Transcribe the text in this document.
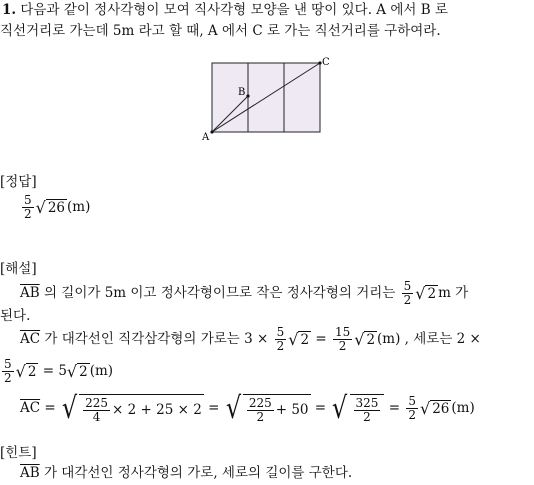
1. 다음과 같이 정사각형이 모여 직사각형 모양을 낸 땅이 있다. A 에서 B 로
직선거리로 가는데 5m 라고 할 때, A 에서 C 로 가는 직선거리를 구하여라.
A
B
C
[정답]
$\frac{5}{2}$ √ 26 (m)
[해설]
$\overline{AB}$ 의 길이가 5m 이고 정사각형이므로 작은 정사각형의 거리는 $\frac{5}{2}$ √ 2 m 가
된다.
$\overline{AC}$ 가 대각선인 직각삼각형의 가로는 $3 \times \frac{5}{2}$ √ $2 = \frac{15}{2}$ √ 2 (m) , 세로는 2 ×
$\frac{5}{2}$ √ 2 = 5 √ 2 (m)
$\overline{AC}$ = √ $\frac{225}{4} \times 2 + 25 \times 2$ = √ $\frac{225}{2} + 50$ = √ $\frac{325}{2} = \frac{5}{2}$ √ 26 (m)
[힌트]
$\overline{AB}$ 가 대각선인 정사각형의 가로, 세로의 길이를 구한다.
